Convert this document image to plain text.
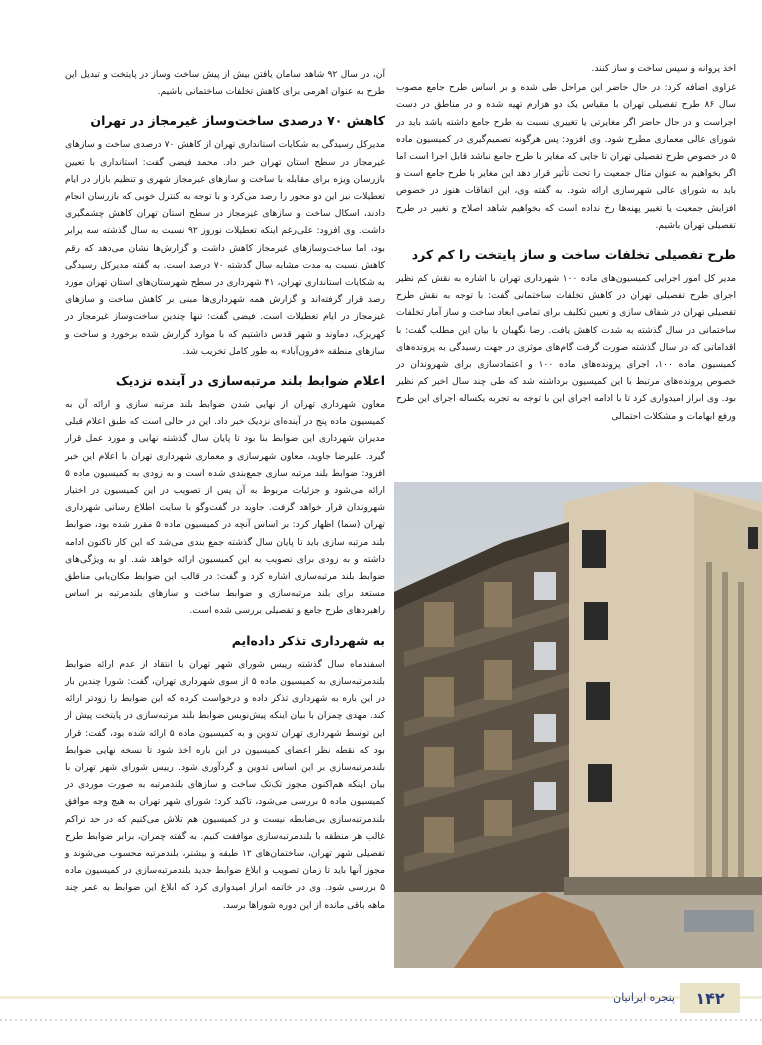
اخذ پروانه و سپس ساخت و ساز کنند.

غزاوی اضافه کرد: در حال حاضر این مراحل طی شده و بر اساس طرح جامع مصوب سال ۸۶ طرح تفصیلی تهران با مقیاس یک دو هزارم تهیه شده و در مناطق در دست اجراست و در حال حاضر اگر مغایرتی یا تغییری نسبت به طرح جامع داشته باشد باید در شورای عالی معماری مطرح شود. وی افزود: پس هرگونه تصمیم‌گیری در کمیسیون ماده ۵ در خصوص طرح تفصیلی تهران تا جایی که مغایر با طرح جامع نباشد قابل اجرا است اما اگر بخواهیم به عنوان مثال جمعیت را تحت تأثیر قرار دهد این مغایر با طرح جامع است و باید به شورای عالی شهرسازی ارائه شود. به گفته وی، این اتفاقات هنوز در خصوص افزایش جمعیت یا تغییر پهنه‌ها رخ نداده است که بخواهیم شاهد اصلاح و تغییر در طرح تفصیلی تهران باشیم.

طرح تفصیلی تخلفات ساخت و ساز پایتخت را کم کرد

مدیر کل امور اجرایی کمیسیون‌های ماده ۱۰۰ شهرداری تهران با اشاره به نقش کم نظیر اجرای طرح تفصیلی تهران در کاهش تخلفات ساختمانی گفت: با توجه به نقش طرح تفصیلی تهران در شفاف سازی و تعیین تکلیف برای تمامی ابعاد ساخت و ساز آمار تخلفات ساختمانی در سال گذشته به شدت کاهش یافت. رضا نگهبان با بیان این مطلب گفت: با اقداماتی که در سال گذشته صورت گرفت گام‌های موثری در جهت رسیدگی به پرونده‌های کمیسیون ماده ۱۰۰، اجرای پرونده‌های ماده ۱۰۰ و اعتمادسازی برای شهروندان در خصوص پرونده‌های مرتبط با این کمیسیون برداشته شد که طی چند سال اخیر کم نظیر بود. وی ابراز امیدواری کرد تا با ادامه اجرای این با توجه به تجربه یکساله اجرای این طرح ورفع ابهامات و مشکلات احتمالی

آن، در سال ۹۲ شاهد سامان یافتن بیش از پیش ساخت وساز در پایتخت و تبدیل این طرح به عنوان اهرمی برای کاهش تخلفات ساختمانی باشیم.

کاهش ۷۰ درصدی ساخت‌وساز غیرمجاز در تهران

مدیرکل رسیدگی به شکایات استانداری تهران از کاهش ۷۰ درصدی ساخت و سازهای غیرمجاز در سطح استان تهران خبر داد. محمد فیضی گفت: استانداری با تعیین بازرسان ویژه برای مقابله با ساخت و سازهای غیرمجاز شهری و تنظیم بازار در ایام تعطیلات نیز این دو محور را رصد می‌کرد و با توجه به کنترل خوبی که بازرسان انجام دادند، اسکال ساخت و سازهای غیرمجاز در سطح استان تهران کاهش چشمگیری داشت. وی افزود: علی‌رغم اینکه تعطیلات نوروز ۹۲ نسبت به سال گذشته سه برابر بود، اما ساخت‌وسازهای غیرمجاز کاهش داشت و گزارش‌ها نشان می‌دهد که رقم کاهش نسبت به مدت مشابه سال گذشته ۷۰ درصد است. به گفته مدیرکل رسیدگی به شکایات استانداری تهران، ۴۱ شهرداری در سطح شهرستان‌های استان تهران مورد رصد قرار گرفته‌اند و گزارش همه شهرداری‌ها مبنی بر کاهش ساخت و سازهای غیرمجاز در ایام تعطیلات است. فیضی گفت: تنها چندین ساخت‌وساز غیرمجاز در کهریزک، دماوند و شهر قدس داشتیم که با موارد گزارش شده برخورد و ساخت و سازهای منطقه «فرون‌آباد» به طور کامل تخریب شد.

اعلام ضوابط بلند مرتبه‌سازی در آینده نزدیک

معاون شهرداری تهران از نهایی شدن ضوابط بلند مرتبه سازی و ارائه آن به کمیسیون ماده پنج در آینده‌ای نزدیک خبر داد. این در حالی است که طبق اعلام قبلی مدیران شهرداری این ضوابط بنا بود تا پایان سال گذشته نهایی و مورد عمل قرار گیرد. علیرضا جاوید، معاون شهرسازی و معماری شهرداری تهران با اعلام این خبر افزود: ضوابط بلند مرتبه سازی جمع‌بندی شده است و به زودی به کمیسیون ماده ۵ ارائه می‌شود و جزئیات مربوط به آن پس از تصویب در این کمیسیون در اختیار شهروندان قرار خواهد گرفت. جاوید در گفت‌وگو با سایت اطلاع رسانی شهرداری تهران (سما) اظهار کرد: بر اساس آنچه در کمیسیون ماده ۵ مقرر شده بود، ضوابط بلند مرتبه سازی باید تا پایان سال گذشته جمع بندی می‌شد که این کار تاکنون ادامه داشته و به زودی برای تصویب به این کمیسیون ارائه خواهد شد. او به ویژگی‌های ضوابط بلند مرتبه‌سازی اشاره کرد و گفت: در قالب این ضوابط مکان‌یابی مناطق مستعد برای بلند مرتبه‌سازی و ضوابط ساخت و سازهای بلندمرتبه بر اساس راهبردهای طرح جامع و تفصیلی بررسی شده است.

به شهرداری تذکر داده‌ایم

اسفندماه سال گذشته رییس شورای شهر تهران با انتقاد از عدم ارائه ضوابط بلندمرتبه‌سازی به کمیسیون ماده ۵ از سوی شهرداری تهران، گفت: شورا چندین بار در این باره به شهرداری تذکر داده و درخواست کرده که این ضوابط را زودتر ارائه کند. مهدی چمران با بیان اینکه پیش‌نویس ضوابط بلند مرتبه‌سازی در پایتخت پیش از این توسط شهرداری تهران تدوین و به کمیسیون ماده ۵ ارائه شده بود، گفت: قرار بود که نقطه نظر اعضای کمیسیون در این باره اخذ شود تا نسخه نهایی ضوابط بلندمرتبه‌سازی بر این اساس تدوین و گردآوری شود. رییس شورای شهر تهران با بیان اینکه هم‌اکنون مجوز تک‌تک ساخت و سازهای بلندمرتبه به صورت موردی در کمیسیون ماده ۵ بررسی می‌شود، تاکید کرد: شورای شهر تهران به هیچ وجه موافق بلندمرتبه‌سازی بی‌ضابطه نیست و در کمیسیون هم تلاش می‌کنیم که در حد تراکم غالب هر منطقه با بلندمرتبه‌سازی موافقت کنیم. به گفته چمران، برابر ضوابط طرح تفصیلی شهر تهران، ساختمان‌های ۱۲ طبقه و بیشتر، بلندمرتبه محسوب می‌شوند و مجوز آنها باید تا زمان تصویب و ابلاغ ضوابط جدید بلندمرتبه‌سازی در کمیسیون ماده ۵ بررسی شود. وی در خاتمه ابراز امیدواری کرد که ابلاغ این ضوابط به عمر چند ماهه باقی مانده از این دوره شوراها برسد.

پنجره ایرانیان	۱۴۲
